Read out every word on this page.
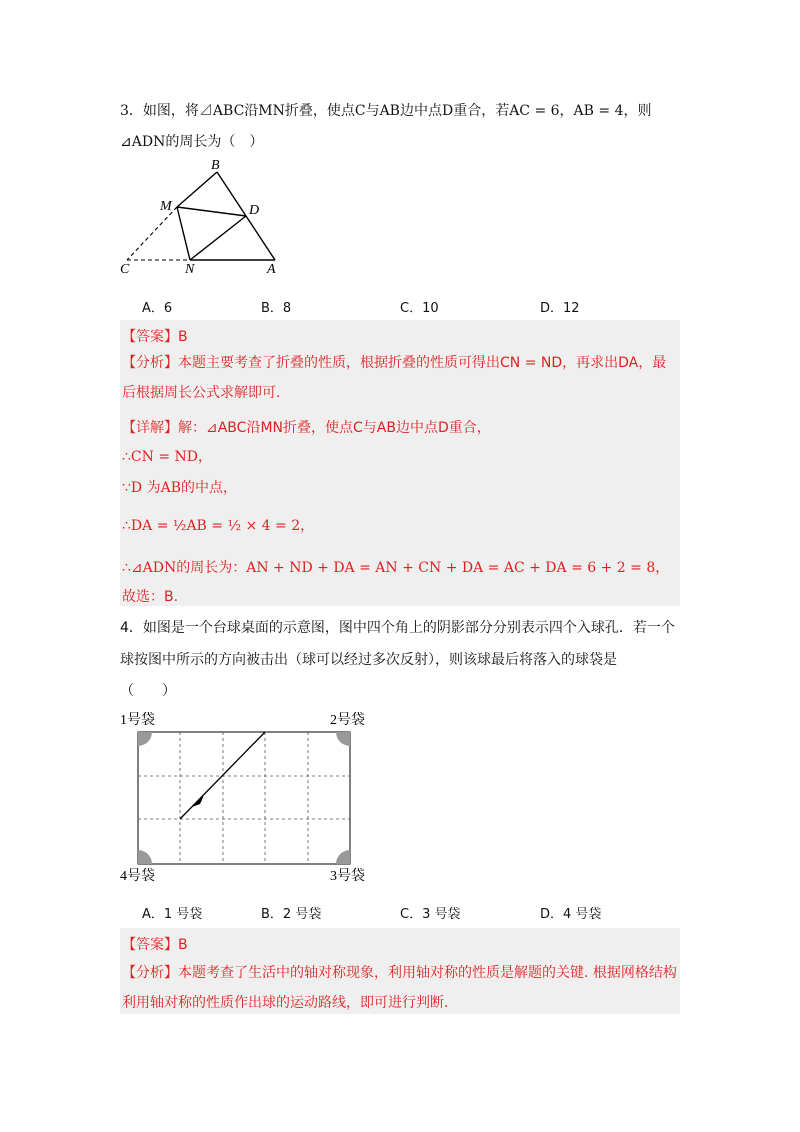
3．如图，将⊿ABC沿MN折叠，使点C与AB边中点D重合，若AC = 6，AB = 4，则
⊿ADN的周长为（　）
B
M	D
C	N	A
A．6	B．8	C．10	D．12
【答案】B
【分析】本题主要考查了折叠的性质，根据折叠的性质可得出CN = ND，再求出DA，最后根据周长公式求解即可.
【详解】解：⊿ABC沿MN折叠，使点C与AB边中点D重合，
∴CN = ND，
∵D 为AB的中点，
∴DA = ½AB = ½ × 4 = 2，
∴⊿ADN的周长为：AN + ND + DA = AN + CN + DA = AC + DA = 6 + 2 = 8，
故选：B.
4．如图是一个台球桌面的示意图，图中四个角上的阴影部分分别表示四个入球孔．若一个
球按图中所示的方向被击出（球可以经过多次反射），则该球最后将落入的球袋是
（　　）
1号袋	2号袋
4号袋	3号袋
A．1 号袋	B．2 号袋	C．3 号袋	D．4 号袋
【答案】B
【分析】本题考查了生活中的轴对称现象，利用轴对称的性质是解题的关键. 根据网格结构利用轴对称的性质作出球的运动路线，即可进行判断.
